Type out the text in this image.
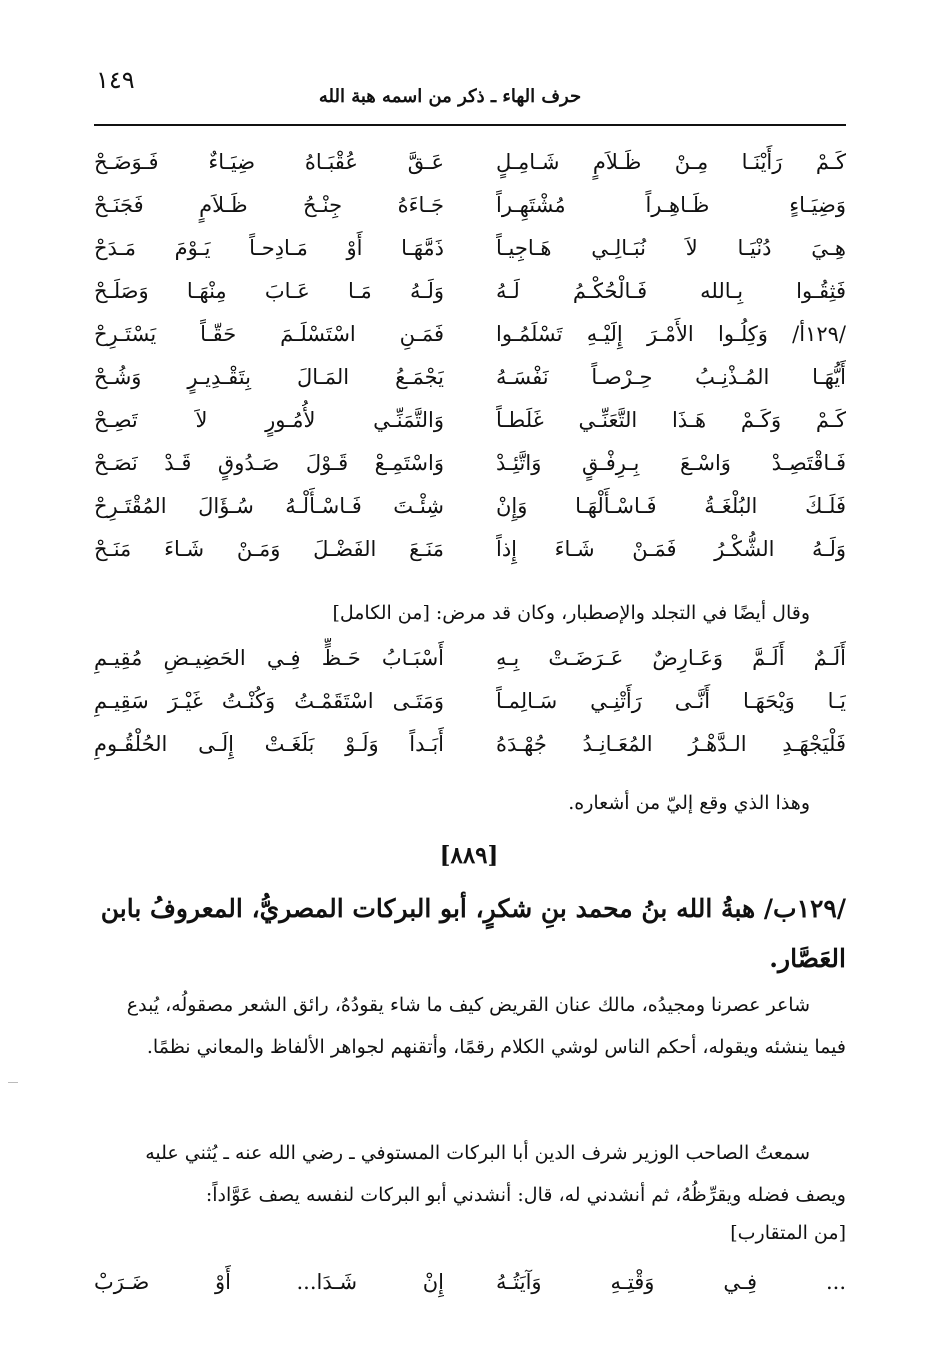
١٤٩
حرف الهاء ـ ذكر من اسمه هبة الله
كَـمْ رَأَيْنَـا مِـنْ ظَـلاَمٍ شَـامِـلٍ
عَـقَّ عُقْبَـاهُ ضِيَـاءٌ فَـوَضَـحْ
وَضِيَـاءٍ ظَـاهِـراً مُشْتَهِـراً
جَـاءَهُ جِنْـحُ ظَـلاَمٍ فَجَنَـحْ
هِـيَ دُنْيَـا لاَ نُبَـالِـي هَـاجِيـاً
ذَمَّهَـا أَوْ مَـادِحـاً يَـوْمَ مَـدَحْ
فَثِقُـوا بِـالله فَـالْحُكْـمُ لَـهُ
وَلَـهُ مَـا عَـابَ مِنْهَـا وَصَلَـحْ
/١٢٩أ/ وَكِلُـوا الأَمْـرَ إِلَيْـهِ تَسْلَمُـوا
فَمَـنِ اسْتَسْلَـمَ حَقّـاً يَسْتَـرِحْ
أَيُّهَـا المُـذْنِـبُ حِـرْصـاً نَفْسَـهُ
يَجْمَـعُ المَـالَ بِتَقْـدِيـرٍ وَشُـحْ
كَـمْ وَكَـمْ هَـذَا التَّعَنِّـي غَلَطـاً
وَالتَّمَنِّـي لأُمُـورٍ لاَ تَصِـحْ
فَـاقْتَصِـدْ وَاسْـعَ بِـرِفْـقٍ وَاتَّئِـدْ
وَاسْتَمِـعْ قَـوْلَ صَـدُوقٍ قَـدْ نَصَـحْ
فَلَـكَ البُلْغَـةُ فَـاسْـأَلْهَـا وَإِنْ
شِئْـتَ فَـاسْـأَلْـهُ سُـؤَالَ المُقْتَـرِحْ
وَلَـهُ الشُّكْـرُ فَمَـنْ شَـاءَ إِذاً
مَنَـعَ الفَضْـلَ وَمَـنْ شَـاءَ مَنَـحْ

وقال أيضًا في التجلد والإصطبار، وكان قد مرض: [من الكامل]

أَلَـمٌ أَلَـمَّ وَعَـارِضٌ عَـرَضَـتْ بِـهِ
أَسْبَـابُ حَـظٍّ فِـي الحَضِيـضِ مُقِيـمِ
يَـا وَيْحَهَـا أَنَّـى رَأَتْنِـي سَـالِمـاً
وَمَتَـى اسْتَقَمْـتُ وَكُنْـتُ غَيْـرَ سَقِيـمِ
فَلْيَجْهَـدِ الـدَّهْـرُ المُعَـانِـدُ جُهْـدَهُ
أَبَـداً وَلَـوْ بَلَغَـتْ إِلَـى الحُلْقُـومِ

وهذا الذي وقع إليّ من أشعاره.

[٨٨٩]
/١٢٩ب/ هبةُ الله بنُ محمد بنِ شكرٍ، أبو البركات المصريُّ، المعروفُ بابن العَصَّار.

شاعر عصرنا ومجيدُه، مالك عنان القريض كيف ما شاء يقودُهُ، رائق الشعر مصقولُه، يُبدع فيما ينشئه ويقوله، أحكم الناس لوشي الكلام رقمًا، وأتقنهم لجواهر الألفاظ والمعاني نظمًا.

سمعتُ الصاحب الوزير شرف الدين أبا البركات المستوفي ـ رضي الله عنه ـ يُثني عليه ويصف فضله ويقرِّظُهُ، ثم أنشدني له، قال: أنشدني أبو البركات لنفسه يصف عَوَّاداً:

[من المتقارب]
... فِـي وَقْتِـهِ وَآيَتُـهُ
إِنْ شَـدَا... أَوْ ضَـرَبْ
